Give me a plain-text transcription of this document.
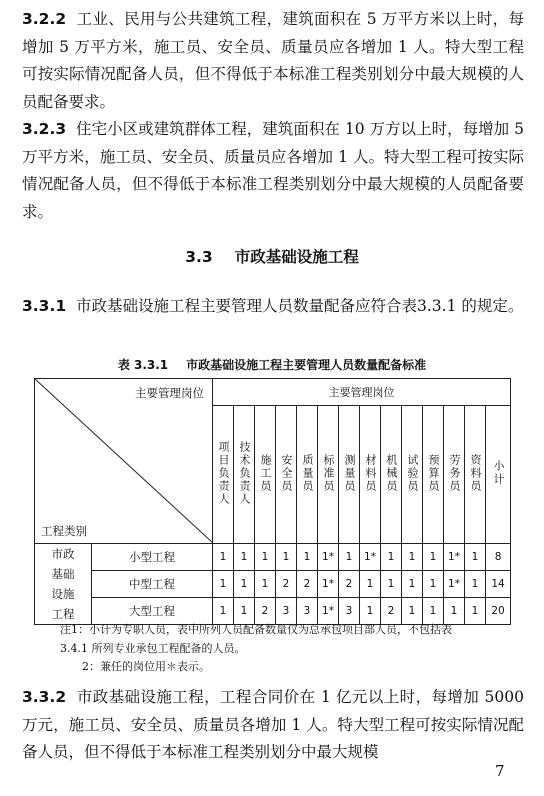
3.2.2 工业、民用与公共建筑工程，建筑面积在 5 万平方米以上时，每增加 5 万平方米，施工员、安全员、质量员应各增加 1 人。特大型工程可按实际情况配备人员，但不得低于本标准工程类别划分中最大规模的人员配备要求。
3.2.3 住宅小区或建筑群体工程，建筑面积在 10 万方以上时，每增加 5 万平方米，施工员、安全员、质量员应各增加 1 人。特大型工程可按实际情况配备人员，但不得低于本标准工程类别划分中最大规模的人员配备要求。
3.3 市政基础设施工程
3.3.1 市政基础设施工程主要管理人员数量配备应符合表3.3.1 的规定。
表 3.3.1 市政基础设施工程主要管理人员数量配备标准
主要管理岗位
工程类别		主要管理岗位													
		项目负责人	技术负责人	施工员	安全员	质量员	标准员	测量员	材料员	机械员	试验员	预算员	劳务员	资料员	小计
市政
基础
设施
工程	小型工程	1	1	1	1	1	1*	1	1*	1	1	1	1*	1	8
	中型工程	1	1	1	2	2	1*	2	1	1	1	1	1*	1	14
	大型工程	1	1	2	3	3	1*	3	1	2	1	1	1	1	20
注1：小计为专职人员，表中所列人员配备数量仅为总承包项目部人员，不包括表
3.4.1 所列专业承包工程配备的人员。
2：兼任的岗位用＊表示。
3.3.2 市政基础设施工程，工程合同价在 1 亿元以上时，每增加 5000 万元，施工员、安全员、质量员各增加 1 人。特大型工程可按实际情况配备人员，但不得低于本标准工程类别划分中最大规模
7
